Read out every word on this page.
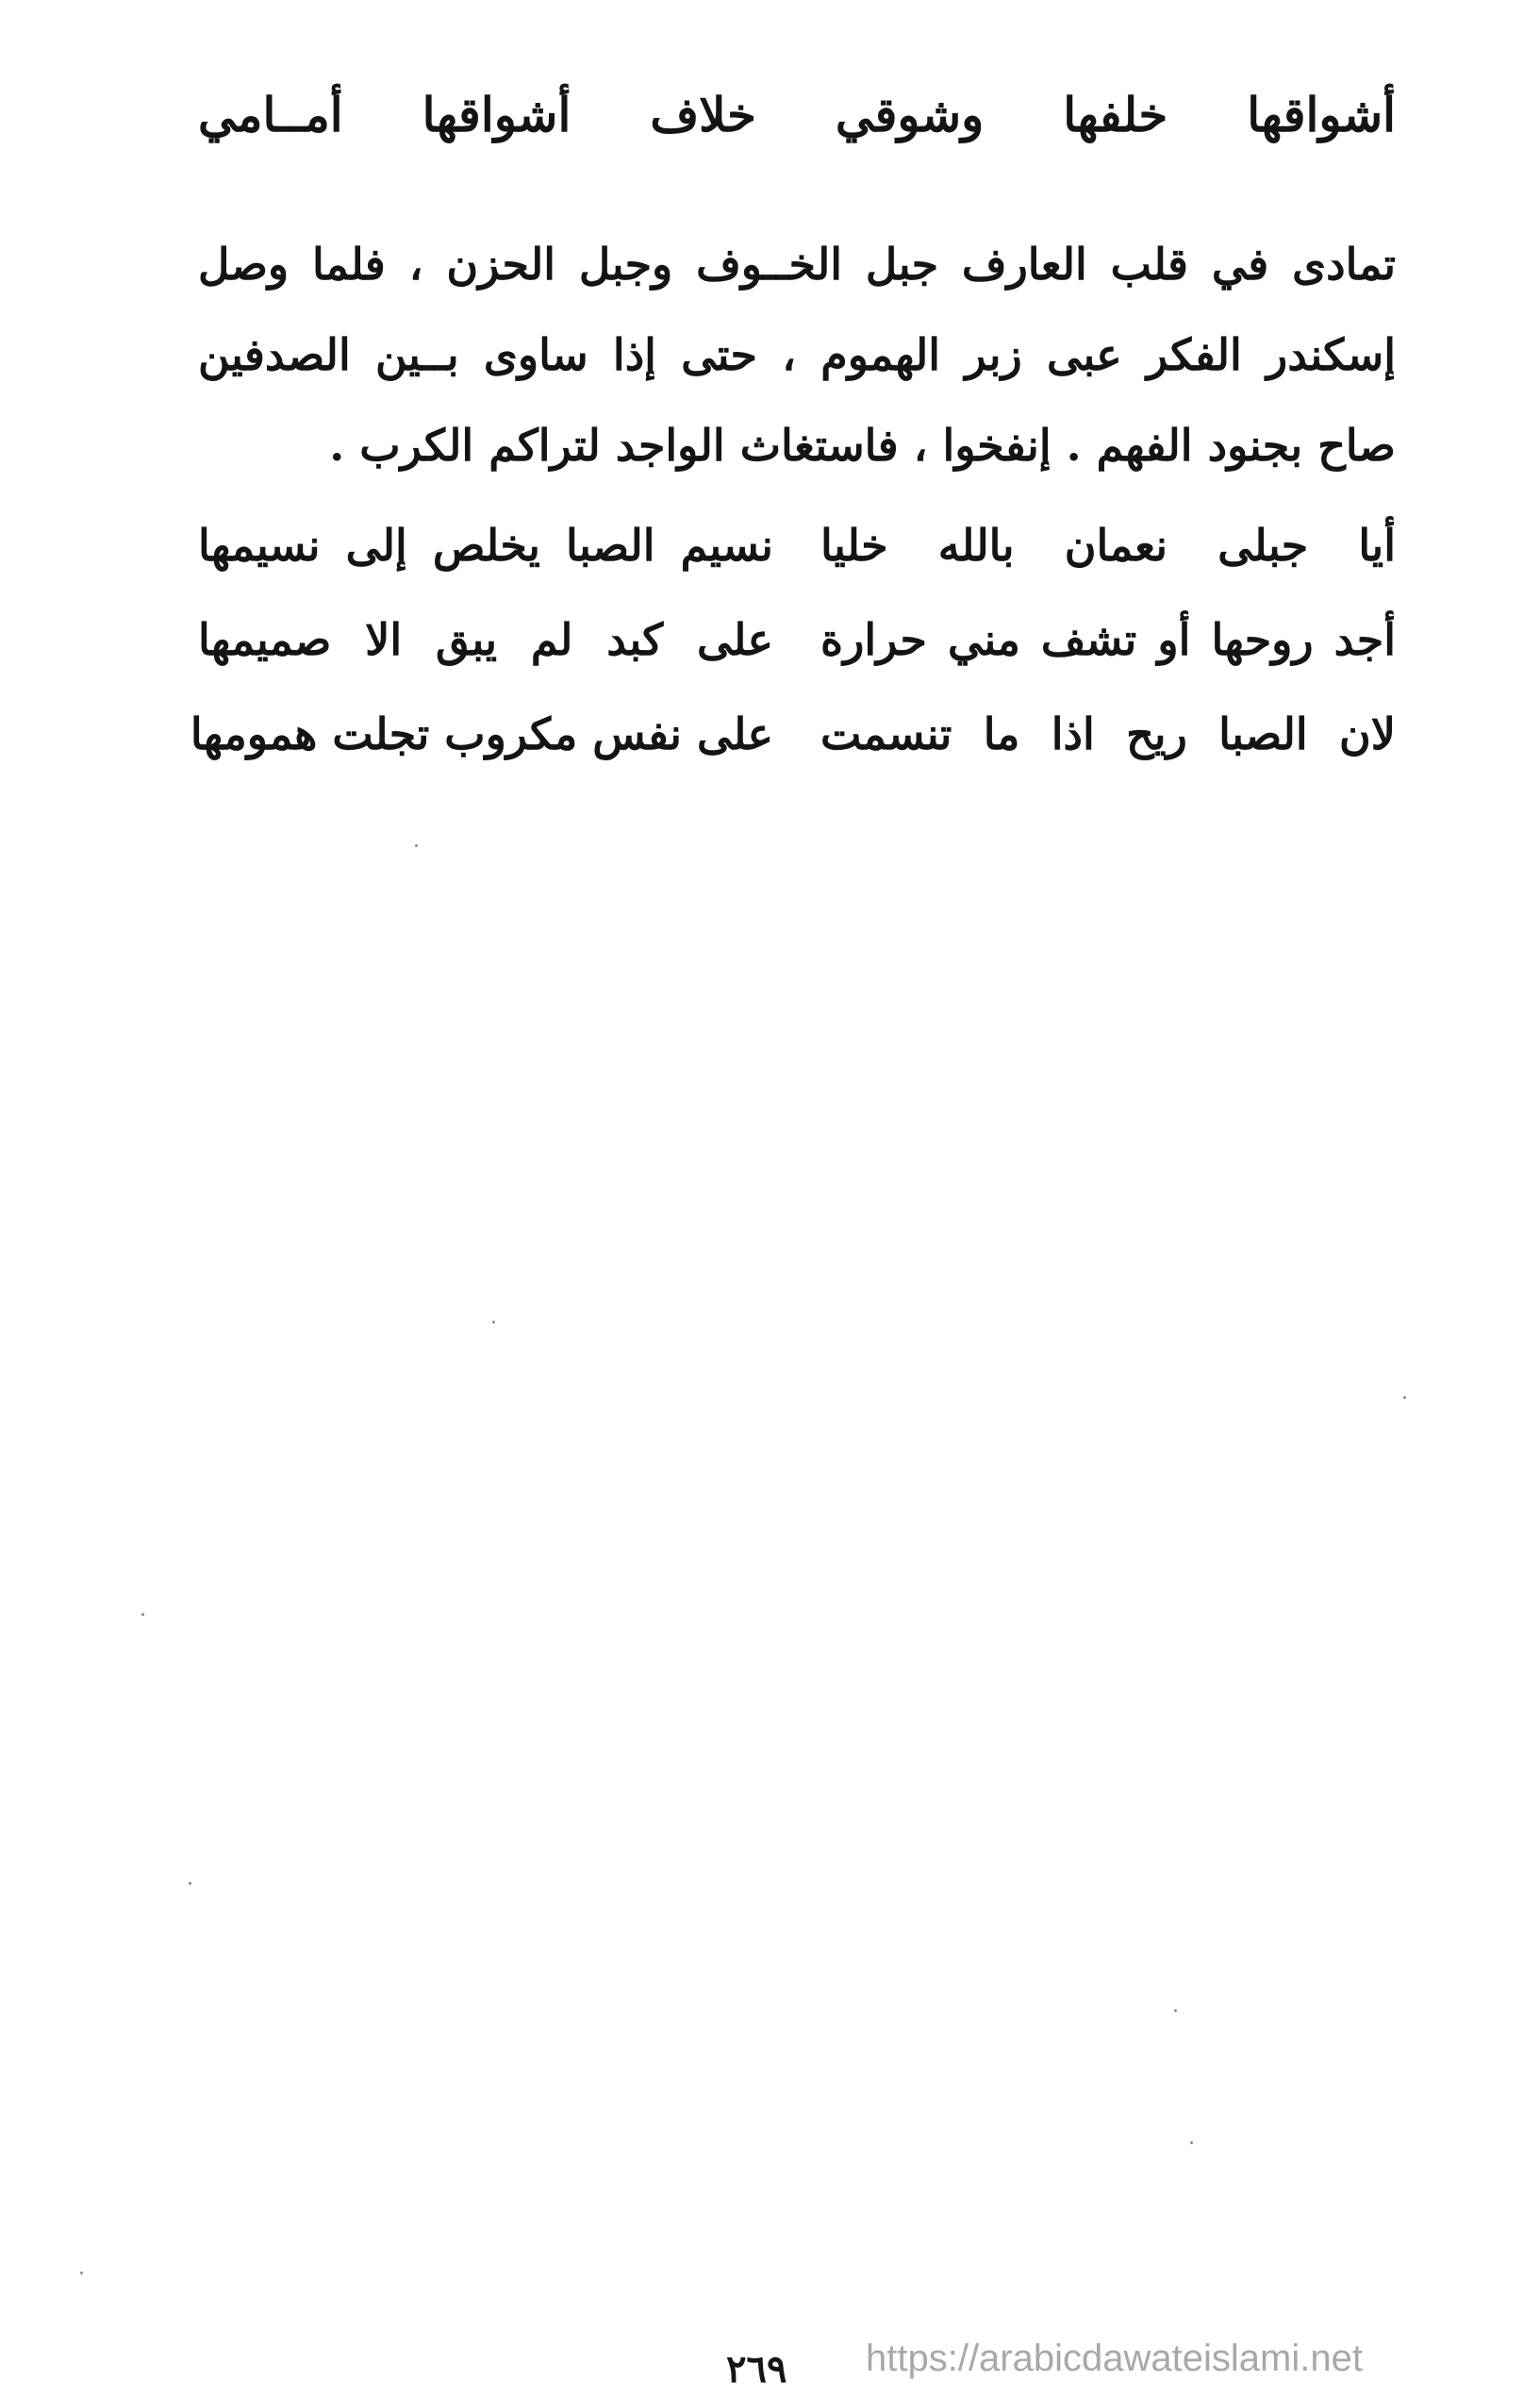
أشواقها
خلفها
وشوقي
خلاف
أشواقها
أمــامي
تمادى في قلب العارف جبل الخــوف وجبل الحزن ، فلما وصل
إسكندر الفكر عبى زبر الهموم ، حتى إذا ساوى بــين الصدفين
صاح بجنود الفهم . إنفخوا ، فاستغاث الواجد لتراكم الكرب .
أيا جبلى نعمان بالله خليا
نسيم الصبا يخلص إلى نسيمها
أجد روحها أو تشف مني حرارة
على كبد لم يبق الا صميمها
لان الصبا ريح اذا ما تنسمت
على نفس مكروب تجلت همومها
٢٦٩ https://arabicdawateislami.net
